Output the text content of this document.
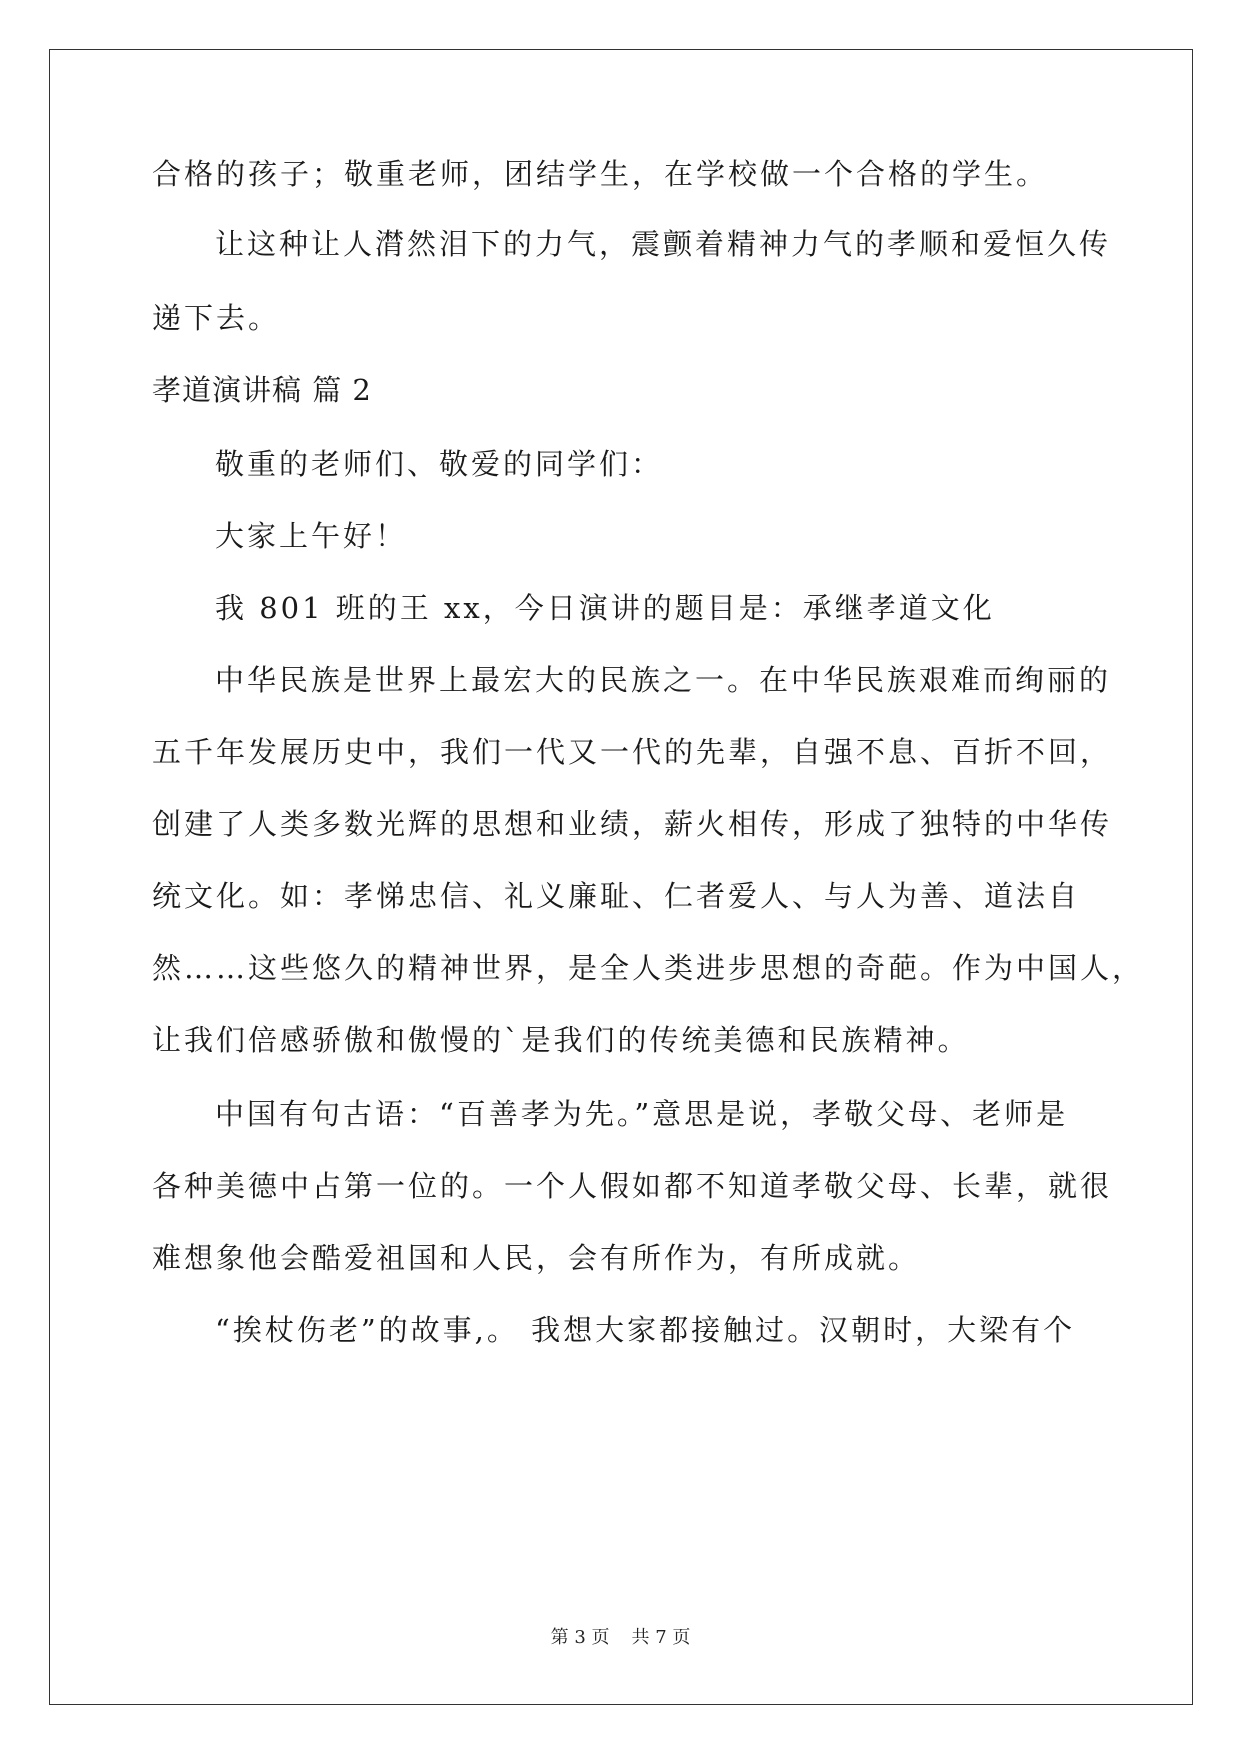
合格的孩子；敬重老师，团结学生，在学校做一个合格的学生。
让这种让人潸然泪下的力气，震颤着精神力气的孝顺和爱恒久传
递下去。
孝道演讲稿 篇 2
敬重的老师们、敬爱的同学们：
大家上午好！
我 801 班的王 xx，今日演讲的题目是：承继孝道文化
中华民族是世界上最宏大的民族之一。在中华民族艰难而绚丽的
五千年发展历史中，我们一代又一代的先辈，自强不息、百折不回，
创建了人类多数光辉的思想和业绩，薪火相传，形成了独特的中华传
统文化。如：孝悌忠信、礼义廉耻、仁者爱人、与人为善、道法自
然……这些悠久的精神世界，是全人类进步思想的奇葩。作为中国人，
让我们倍感骄傲和傲慢的`是我们的传统美德和民族精神。
中国有句古语：“百善孝为先。”意思是说，孝敬父母、老师是
各种美德中占第一位的。一个人假如都不知道孝敬父母、长辈，就很
难想象他会酷爱祖国和人民，会有所作为，有所成就。
“挨杖伤老”的故事,。 我想大家都接触过。汉朝时，大梁有个
第 3 页 共 7 页
